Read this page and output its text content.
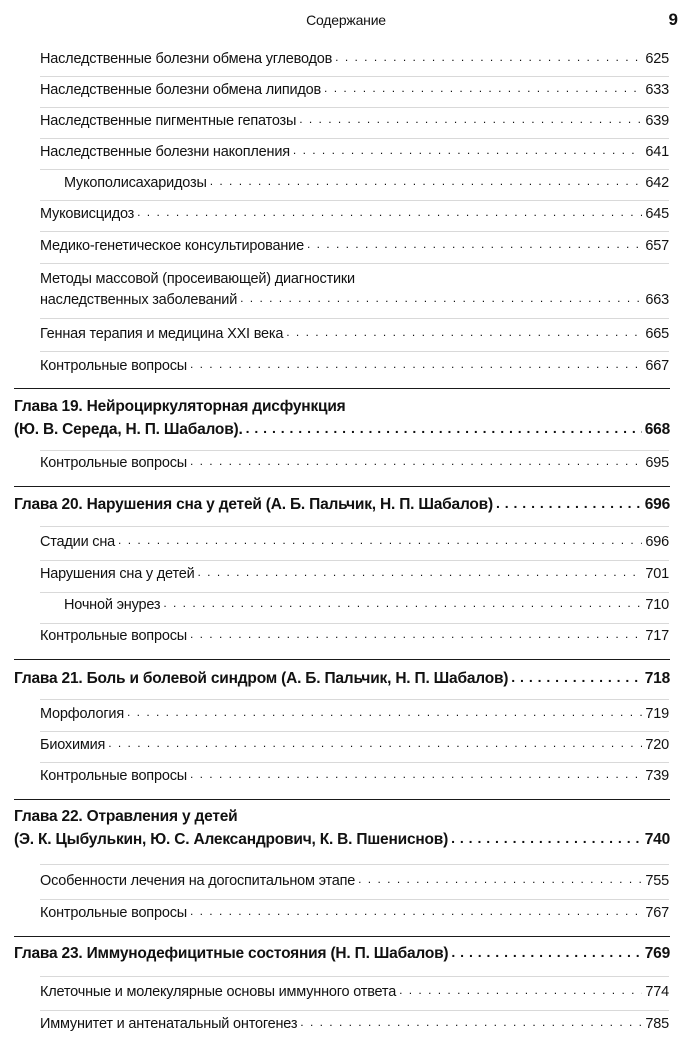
Содержание	9
Наследственные болезни обмена углеводов . . .	625
Наследственные болезни обмена липидов . . .	633
Наследственные пигментные гепатозы . . .	639
Наследственные болезни накопления . . .	641
Мукополисахаридозы . . .	642
Муковисцидоз . . .	645
Медико-генетическое консультирование . . .	657
Методы массовой (просеивающей) диагностики
наследственных заболеваний . . .	663
Генная терапия и медицина XXI века . . .	665
Контрольные вопросы . . .	667
Глава 19. Нейроциркуляторная дисфункция
(Ю. В. Середа, Н. П. Шабалов). . . .	668
Контрольные вопросы . . .	695
Глава 20. Нарушения сна у детей (А. Б. Пальчик, Н. П. Шабалов) . . .	696
Стадии сна . . .	696
Нарушения сна у детей . . .	701
Ночной энурез . . .	710
Контрольные вопросы . . .	717
Глава 21. Боль и болевой синдром (А. Б. Пальчик, Н. П. Шабалов) . . .	718
Морфология . . .	719
Биохимия . . .	720
Контрольные вопросы . . .	739
Глава 22. Отравления у детей
(Э. К. Цыбулькин, Ю. С. Александрович, К. В. Пшениснов) . . .	740
Особенности лечения на догоспитальном этапе . . .	755
Контрольные вопросы . . .	767
Глава 23. Иммунодефицитные состояния (Н. П. Шабалов) . . .	769
Клеточные и молекулярные основы иммунного ответа . . .	774
Иммунитет и антенатальный онтогенез . . .	785
